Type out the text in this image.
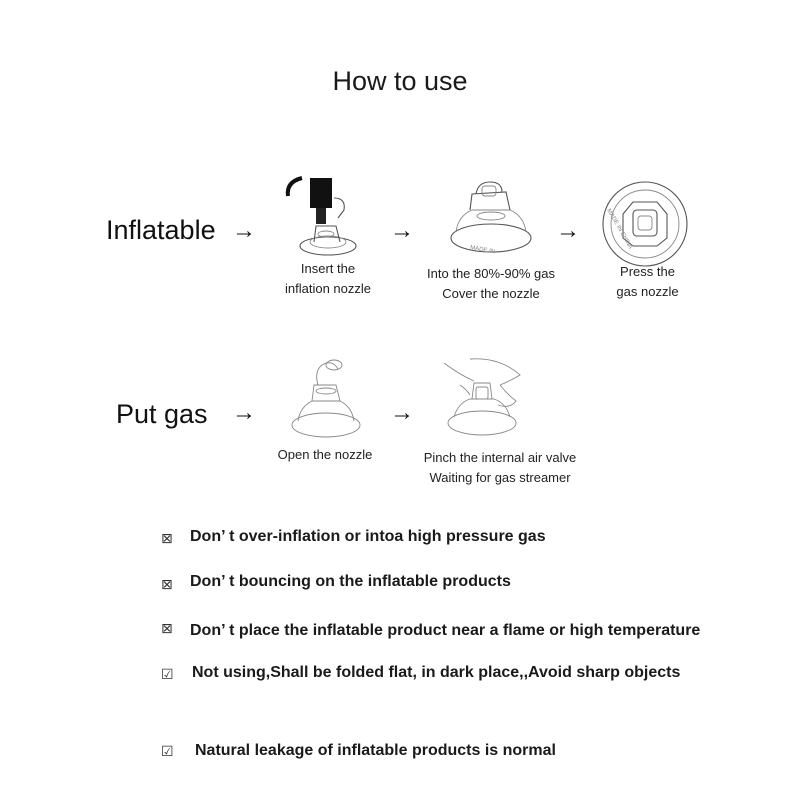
How to use
Inflatable →	→	→
Insert the
inflation nozzle
MADE IN
Into the 80%-90% gas
Cover the nozzle
MADE IN CHINA
Press the
gas nozzle
Put gas →	→
Open the nozzle	Pinch the internal air valve
Waiting for gas streamer
⊠ Don’ t over-inflation or intoa high pressure gas
⊠ Don’ t bouncing on the inflatable products
⊠ Don’ t place the inflatable product near a flame or high temperature
☑ Not using,Shall be folded flat, in dark place,,Avoid sharp objects
☑ Natural leakage of inflatable products is normal
